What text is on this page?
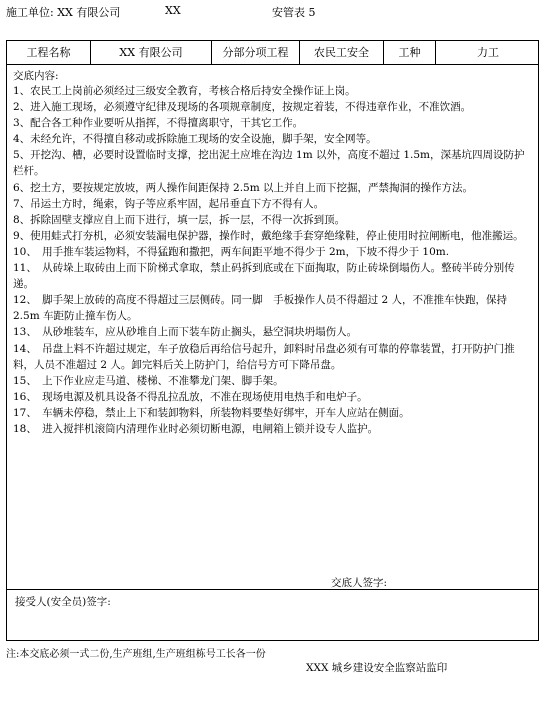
施工单位: XX 有限公司	XX	安管表 5
工程名称	XX 有限公司	分部分项工程	农民工安全	工种	力工
交底内容:
1、农民工上岗前必须经过三级安全教育，考核合格后持安全操作证上岗。
2、进入施工现场，必须遵守纪律及现场的各项规章制度，按规定着装，不得违章作业，不准饮酒。
3、配合各工种作业要听从指挥，不得擅离职守，干其它工作。
4、未经允许，不得擅自移动或拆除施工现场的安全设施，脚手架，安全网等。
5、开挖沟、槽，必要时设置临时支撑，挖出泥土应堆在沟边 1m 以外，高度不超过 1.5m，深基坑四周设防护栏杆。
6、挖土方，要按规定放坡，两人操作间距保持 2.5m 以上并自上而下挖掘，严禁掏洞的操作方法。
7、吊运土方时，绳索，钩子等应系牢固，起吊垂直下方不得有人。
8、拆除固壁支撑应自上而下进行，填一层，拆一层，不得一次拆到顶。
9、使用蛙式打夯机，必须安装漏电保护器，操作时，戴绝缘手套穿绝缘鞋，停止使用时拉闸断电，他准搬运。
10、　用手推车装运物料，不得猛跑和撒把，两车间距平地不得少于 2m，下坡不得少于 10m.
11、　从砖垛上取砖由上而下阶梯式拿取，禁止码拆到底或在下面掏取，防止砖垛倒塌伤人。整砖半砖分别传递。
12、　脚手架上放砖的高度不得超过三层侧砖。同一脚　手板操作人员不得超过 2 人，不准推车快跑，保持 2.5m 车距防止撞车伤人。
13、　从砂堆装车，应从砂堆自上而下装车防止搁头，悬空洞块坍塌伤人。
14、　吊盘上料不许超过规定，车子放稳后再给信号起升，卸料时吊盘必须有可靠的停靠装置，打开防护门推料，人员不准超过 2 人。卸完料后关上防护门，给信号方可下降吊盘。
15、　上下作业应走马道、楼梯、不准攀龙门架、脚手架。
16、　现场电源及机具设备不得乱拉乱放，不准在现场使用电热手和电炉子。
17、　车辆未停稳，禁止上下和装卸物料，所装物料要垫好绑牢，开车人应站在侧面。
18、　进入搅拌机滚筒内清理作业时必须切断电源，电闸箱上锁并设专人监护。
交底人签字:
接受人(安全员)签字:
注:本交底必须一式二份,生产班组,生产班组栋号工长各一份
XXX 城乡建设安全监察站监印
